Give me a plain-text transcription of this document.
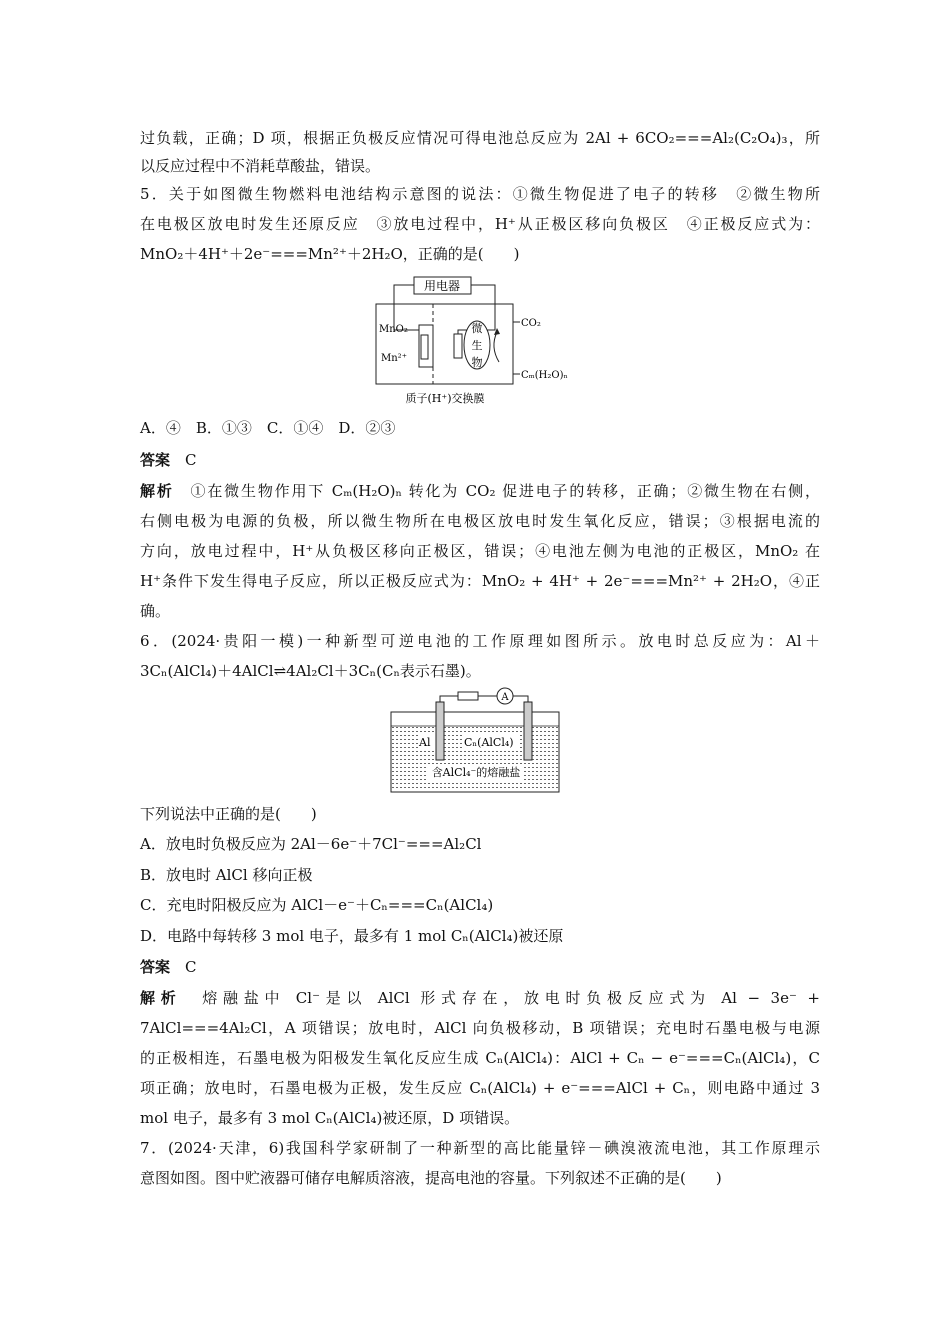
过负载，正确；D 项，根据正负极反应情况可得电池总反应为 2Al + 6CO₂===Al₂(C₂O₄)₃，所
以反应过程中不消耗草酸盐，错误。
5．关于如图微生物燃料电池结构示意图的说法：①微生物促进了电子的转移　②微生物所
在电极区放电时发生还原反应　③放电过程中，H⁺从正极区移向负极区　④正极反应式为：
MnO₂＋4H⁺＋2e⁻===Mn²⁺＋2H₂O，正确的是(　　)
A．④　B．①③　C．①④　D．②③
答案　C
解析　①在微生物作用下 Cₘ(H₂O)ₙ 转化为 CO₂ 促进电子的转移，正确；②微生物在右侧，
右侧电极为电源的负极，所以微生物所在电极区放电时发生氧化反应，错误；③根据电流的
方向，放电过程中，H⁺从负极区移向正极区，错误；④电池左侧为电池的正极区，MnO₂ 在
H⁺条件下发生得电子反应，所以正极反应式为：MnO₂ + 4H⁺ + 2e⁻===Mn²⁺ + 2H₂O，④正
确。
6．(2024·贵阳一模)一种新型可逆电池的工作原理如图所示。放电时总反应为：Al＋
3Cₙ(AlCl₄)＋4AlCl⇌4Al₂Cl＋3Cₙ(Cₙ表示石墨)。
下列说法中正确的是(　　)
A．放电时负极反应为 2Al－6e⁻＋7Cl⁻===Al₂Cl
B．放电时 AlCl 移向正极
C．充电时阳极反应为 AlCl－e⁻＋Cₙ===Cₙ(AlCl₄)
D．电路中每转移 3 mol 电子，最多有 1 mol Cₙ(AlCl₄)被还原
答案　C
解析　熔融盐中 Cl⁻是以 AlCl 形式存在，放电时负极反应式为 Al − 3e⁻ +
7AlCl===4Al₂Cl，A 项错误；放电时，AlCl 向负极移动，B 项错误；充电时石墨电极与电源
的正极相连，石墨电极为阳极发生氧化反应生成 Cₙ(AlCl₄)：AlCl + Cₙ − e⁻===Cₙ(AlCl₄)，C
项正确；放电时，石墨电极为正极，发生反应 Cₙ(AlCl₄) + e⁻===AlCl + Cₙ，则电路中通过 3
mol 电子，最多有 3 mol Cₙ(AlCl₄)被还原，D 项错误。
7．(2024·天津，6)我国科学家研制了一种新型的高比能量锌－碘溴液流电池，其工作原理示
意图如图。图中贮液器可储存电解质溶液，提高电池的容量。下列叙述不正确的是(　　)
用电器
MnO₂
Mn²⁺
微
生
物
CO₂
Cₘ(H₂O)ₙ
质子(H⁺)交换膜
A
Al	Cₙ(AlCl₄)
含AlCl₄⁻的熔融盐
